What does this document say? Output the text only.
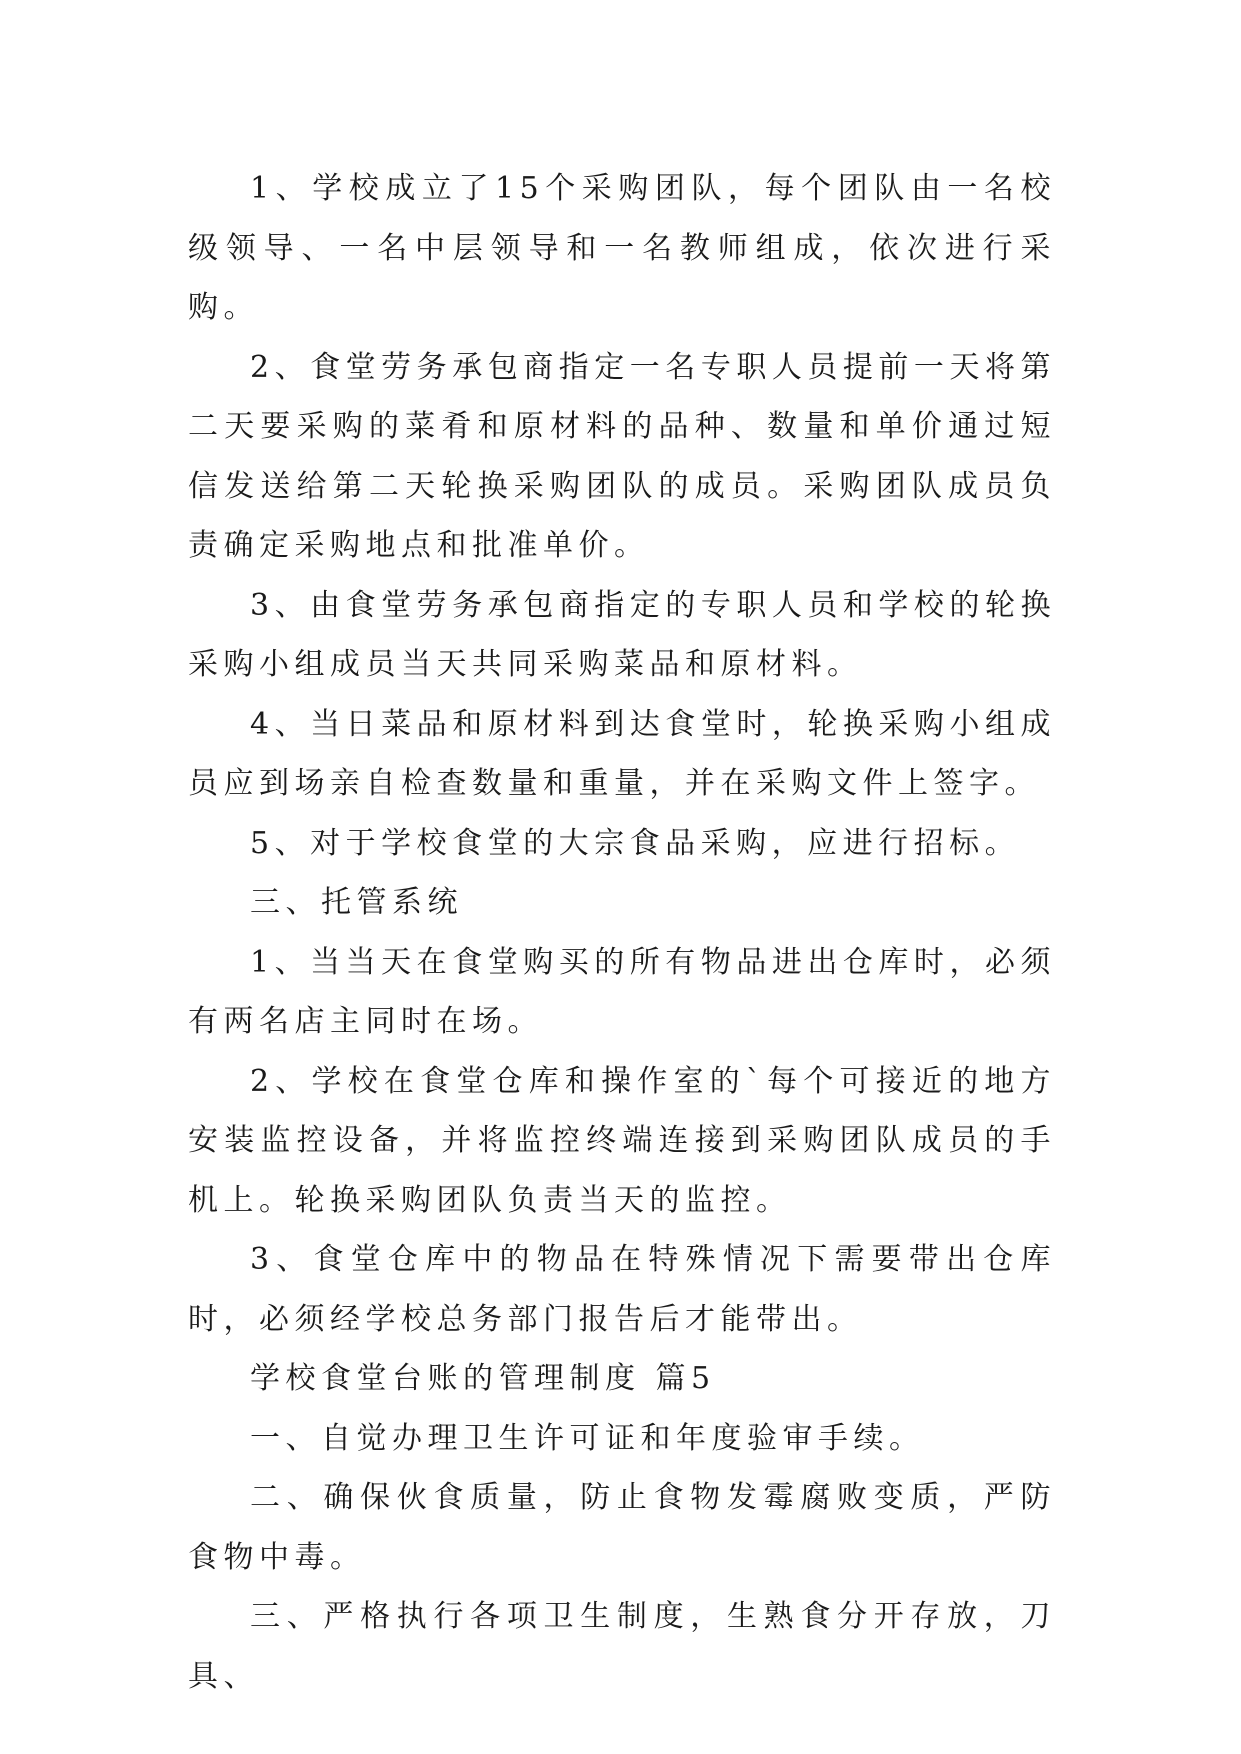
1、学校成立了15个采购团队，每个团队由一名校级领导、一名中层领导和一名教师组成，依次进行采购。

2、食堂劳务承包商指定一名专职人员提前一天将第二天要采购的菜肴和原材料的品种、数量和单价通过短信发送给第二天轮换采购团队的成员。采购团队成员负责确定采购地点和批准单价。

3、由食堂劳务承包商指定的专职人员和学校的轮换采购小组成员当天共同采购菜品和原材料。

4、当日菜品和原材料到达食堂时，轮换采购小组成员应到场亲自检查数量和重量，并在采购文件上签字。

5、对于学校食堂的大宗食品采购，应进行招标。

三、托管系统

1、当当天在食堂购买的所有物品进出仓库时，必须有两名店主同时在场。

2、学校在食堂仓库和操作室的`每个可接近的地方安装监控设备，并将监控终端连接到采购团队成员的手机上。轮换采购团队负责当天的监控。

3、食堂仓库中的物品在特殊情况下需要带出仓库时，必须经学校总务部门报告后才能带出。

学校食堂台账的管理制度 篇5

一、自觉办理卫生许可证和年度验审手续。

二、确保伙食质量，防止食物发霉腐败变质，严防食物中毒。

三、严格执行各项卫生制度，生熟食分开存放，刀具、
